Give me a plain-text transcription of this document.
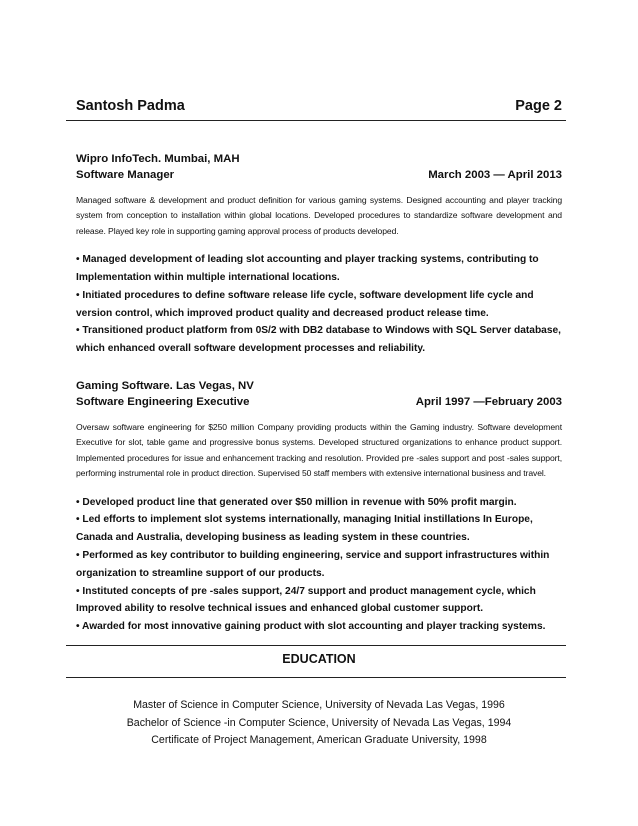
Santosh Padma	Page 2
Wipro InfoTech. Mumbai, MAH
Software Manager	March 2003 — April 2013
Managed software & development and product definition for various gaming systems. Designed accounting and player tracking system from conception to installation within global locations. Developed procedures to standardize software development and release. Played key role in supporting gaming approval process of products developed.
• Managed development of leading slot accounting and player tracking systems, contributing to Implementation within multiple international locations.
• Initiated procedures to define software release life cycle, software development life cycle and version control, which improved product quality and decreased product release time.
• Transitioned product platform from 0S/2 with DB2 database to Windows with SQL Server database, which enhanced overall software development processes and reliability.
Gaming Software. Las Vegas, NV
Software Engineering Executive	April 1997 —February 2003
Oversaw software engineering for $250 million Company providing products within the Gaming industry. Software development Executive for slot, table game and progressive bonus systems. Developed structured organizations to enhance product support. Implemented procedures for issue and enhancement tracking and resolution. Provided pre -sales support and post -sales support, performing instrumental role in product direction. Supervised 50 staff members with extensive international business and travel.
• Developed product line that generated over $50 million in revenue with 50% profit margin.
• Led efforts to implement slot systems internationally, managing Initial instillations In Europe, Canada and Australia, developing business as leading system in these countries.
• Performed as key contributor to building engineering, service and support infrastructures within organization to streamline support of our products.
• Instituted concepts of pre -sales support, 24/7 support and product management cycle, which Improved ability to resolve technical issues and enhanced global customer support.
• Awarded for most innovative gaining product with slot accounting and player tracking systems.
EDUCATION
Master of Science in Computer Science, University of Nevada Las Vegas, 1996
Bachelor of Science -in Computer Science, University of Nevada Las Vegas, 1994
Certificate of Project Management, American Graduate University, 1998
